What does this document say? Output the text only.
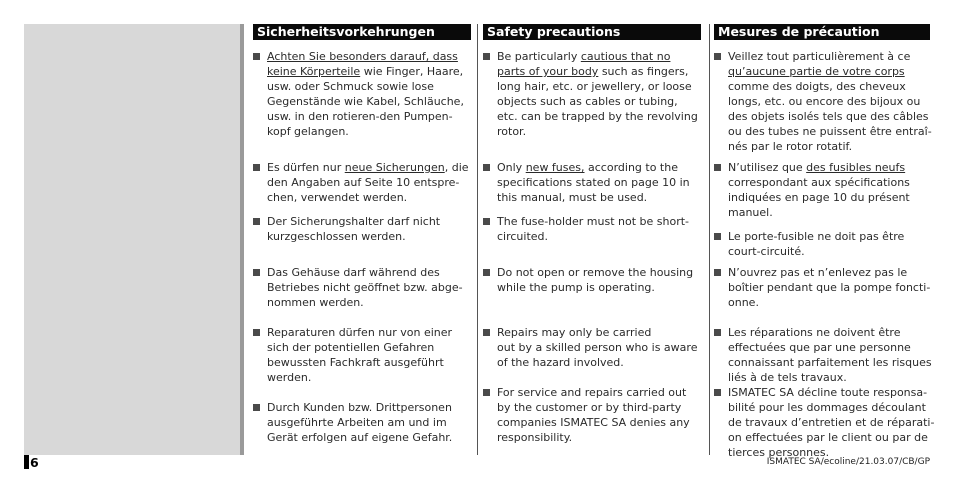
Sicherheitsvorkehrungen
Achten Sie besonders darauf, dass
keine Körperteile wie Finger, Haare,
usw. oder Schmuck sowie lose
Gegenstände wie Kabel, Schläuche,
usw. in den rotieren-den Pumpen-
kopf gelangen.
Es dürfen nur neue Sicherungen, die
den Angaben auf Seite 10 entspre-
chen, verwendet werden.
Der Sicherungshalter darf nicht
kurzgeschlossen werden.
Das Gehäuse darf während des
Betriebes nicht geöffnet bzw. abge-
nommen werden.
Reparaturen dürfen nur von einer
sich der potentiellen Gefahren
bewussten Fachkraft ausgeführt
werden.
Durch Kunden bzw. Drittpersonen
ausgeführte Arbeiten am und im
Gerät erfolgen auf eigene Gefahr.
Safety precautions
Be particularly cautious that no
parts of your body such as fingers,
long hair, etc. or jewellery, or loose
objects such as cables or tubing,
etc. can be trapped by the revolving
rotor.
Only new fuses, according to the
specifications stated on page 10 in
this manual, must be used.
The fuse-holder must not be short-
circuited.
Do not open or remove the housing
while the pump is operating.
Repairs may only be carried
out by a skilled person who is aware
of the hazard involved.
For service and repairs carried out
by the customer or by third-party
companies ISMATEC SA denies any
responsibility.
Mesures de précaution
Veillez tout particulièrement à ce
qu’aucune partie de votre corps
comme des doigts, des cheveux
longs, etc. ou encore des bijoux ou
des objets isolés tels que des câbles
ou des tubes ne puissent être entraî-
nés par le rotor rotatif.
N’utilisez que des fusibles neufs
correspondant aux spécifications
indiquées en page 10 du présent
manuel.
Le porte-fusible ne doit pas être
court-circuité.
N’ouvrez pas et n’enlevez pas le
boîtier pendant que la pompe foncti-
onne.
Les réparations ne doivent être
effectuées que par une personne
connaissant parfaitement les risques
liés à de tels travaux.
ISMATEC SA décline toute responsa-
bilité pour les dommages découlant
de travaux d’entretien et de réparati-
on effectuées par le client ou par de
tierces personnes.
6	ISMATEC SA/ecoline/21.03.07/CB/GP
